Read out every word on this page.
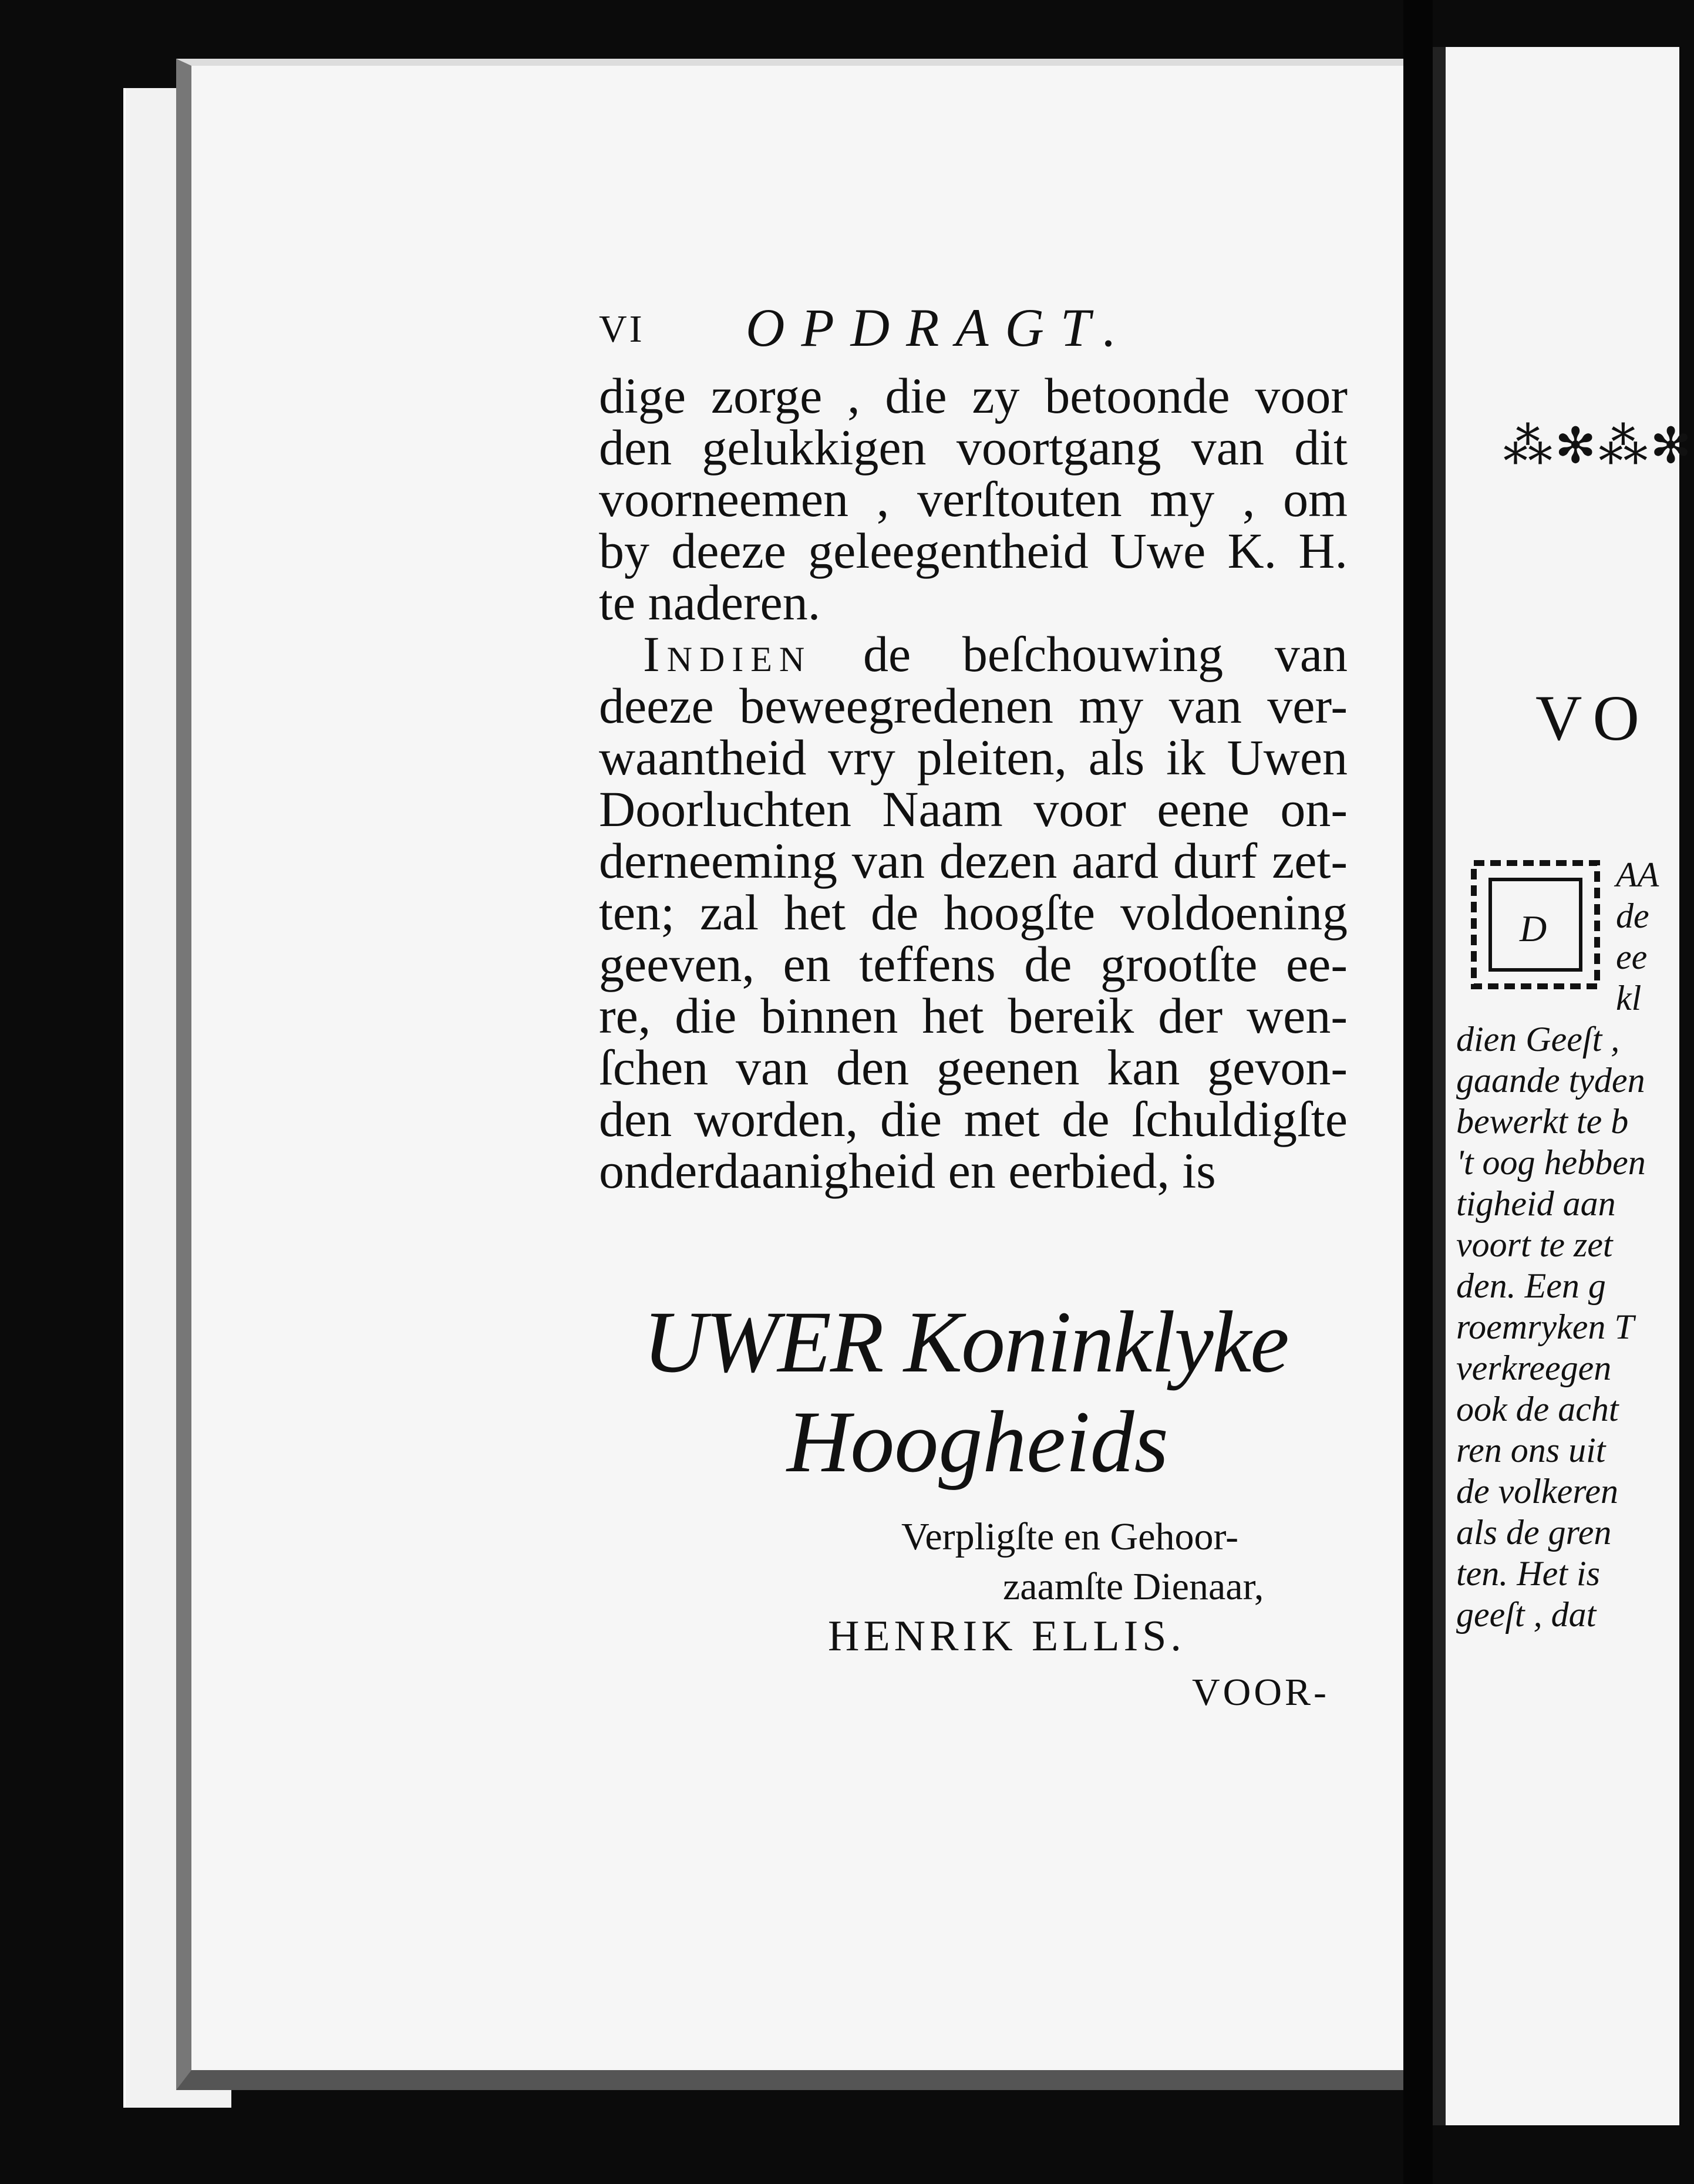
VI OPDRAGT.
dige zorge , die zy betoonde voor
den gelukkigen voortgang van dit
voorneemen , verſtouten my , om
by deeze geleegentheid Uwe K. H.
te naderen.
Indien de beſchouwing van
deeze beweegredenen my van ver-
waantheid vry pleiten, als ik Uwen
Doorluchten Naam voor eene on-
derneeming van dezen aard durf zet-
ten; zal het de hoogſte voldoening
geeven, en teffens de grootſte ee-
re, die binnen het bereik der wen-
ſchen van den geenen kan gevon-
den worden, die met de ſchuldigſte
onderdaanigheid en eerbied, is
UWER Koninklyke
Hoogheids
Verpligſte en Gehoor-
zaamſte Dienaar,
HENRIK ELLIS.
VOOR-
⁂✻⁂✻
VO
D
AA
de
ee
kl
dien Geeſt ,
gaande tyden
bewerkt te b
't oog hebben
tigheid aan
voort te zet
den. Een g
roemryken T
verkreegen
ook de acht
ren ons uit
de volkeren
als de gren
ten. Het is
geeſt , dat
